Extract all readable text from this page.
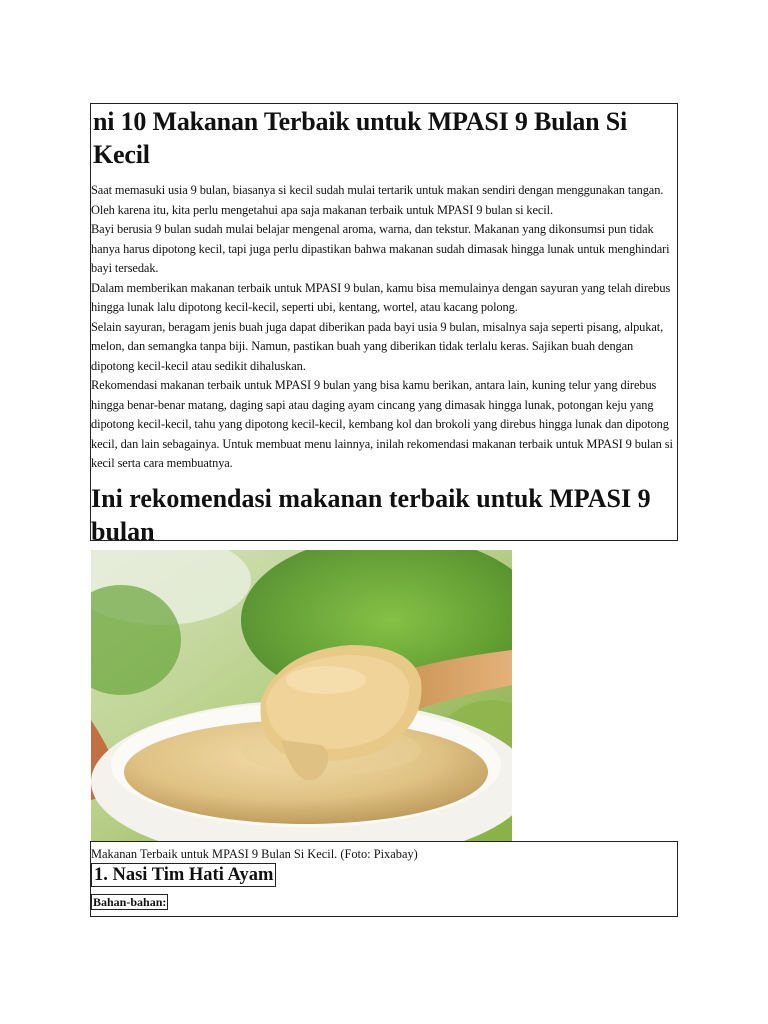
ni 10 Makanan Terbaik untuk MPASI 9 Bulan Si Kecil

Saat memasuki usia 9 bulan, biasanya si kecil sudah mulai tertarik untuk makan sendiri dengan menggunakan tangan. Oleh karena itu, kita perlu mengetahui apa saja makanan terbaik untuk MPASI 9 bulan si kecil.

Bayi berusia 9 bulan sudah mulai belajar mengenal aroma, warna, dan tekstur. Makanan yang dikonsumsi pun tidak hanya harus dipotong kecil, tapi juga perlu dipastikan bahwa makanan sudah dimasak hingga lunak untuk menghindari bayi tersedak.

Dalam memberikan makanan terbaik untuk MPASI 9 bulan, kamu bisa memulainya dengan sayuran yang telah direbus hingga lunak lalu dipotong kecil-kecil, seperti ubi, kentang, wortel, atau kacang polong.

Selain sayuran, beragam jenis buah juga dapat diberikan pada bayi usia 9 bulan, misalnya saja seperti pisang, alpukat, melon, dan semangka tanpa biji. Namun, pastikan buah yang diberikan tidak terlalu keras. Sajikan buah dengan dipotong kecil-kecil atau sedikit dihaluskan.

Rekomendasi makanan terbaik untuk MPASI 9 bulan yang bisa kamu berikan, antara lain, kuning telur yang direbus hingga benar-benar matang, daging sapi atau daging ayam cincang yang dimasak hingga lunak, potongan keju yang dipotong kecil-kecil, tahu yang dipotong kecil-kecil, kembang kol dan brokoli yang direbus hingga lunak dan dipotong kecil, dan lain sebagainya. Untuk membuat menu lainnya, inilah rekomendasi makanan terbaik untuk MPASI 9 bulan si kecil serta cara membuatnya.

Ini rekomendasi makanan terbaik untuk MPASI 9 bulan
Makanan Terbaik untuk MPASI 9 Bulan Si Kecil. (Foto: Pixabay)
1. Nasi Tim Hati Ayam
Bahan-bahan:
